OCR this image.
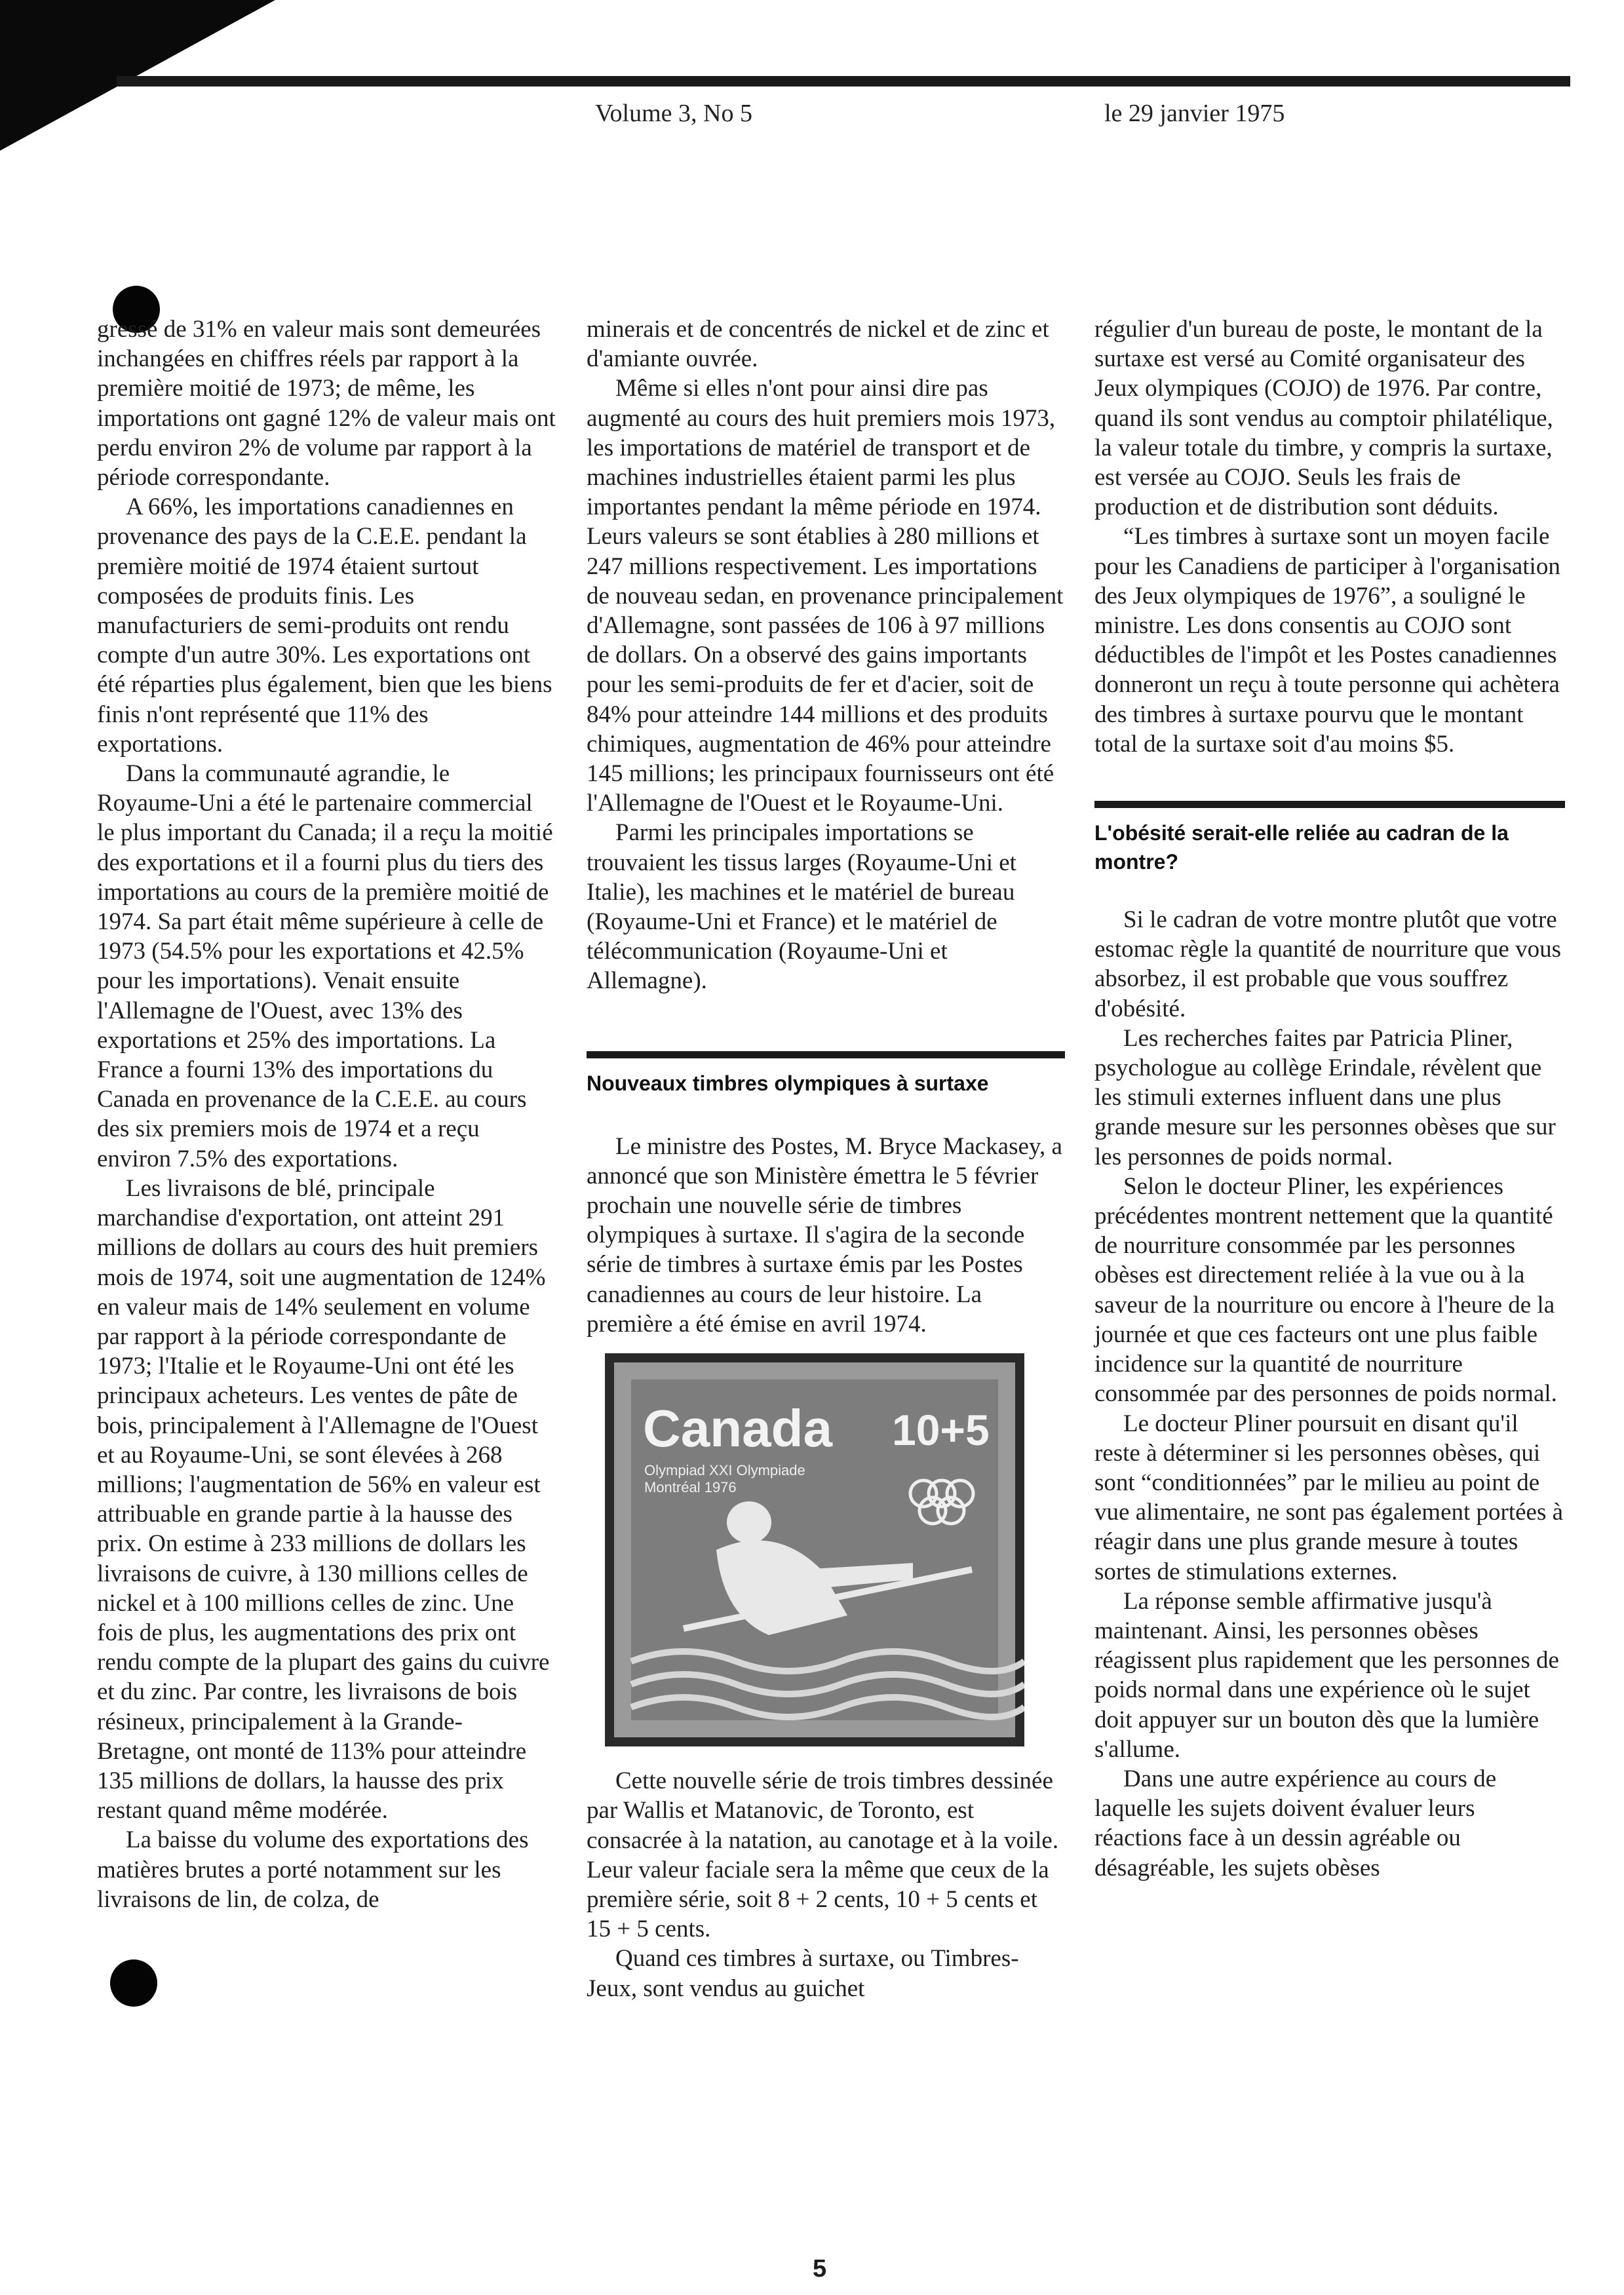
Volume 3, No 5	le 29 janvier 1975

gressé de 31% en valeur mais sont demeurées inchangées en chiffres réels par rapport à la première moitié de 1973; de même, les importations ont gagné 12% de valeur mais ont perdu environ 2% de volume par rapport à la période correspondante.

A 66%, les importations canadiennes en provenance des pays de la C.E.E. pendant la première moitié de 1974 étaient surtout composées de produits finis. Les manufacturiers de semi-produits ont rendu compte d'un autre 30%. Les exportations ont été réparties plus également, bien que les biens finis n'ont représenté que 11% des exportations.

Dans la communauté agrandie, le Royaume-Uni a été le partenaire commercial le plus important du Canada; il a reçu la moitié des exportations et il a fourni plus du tiers des importations au cours de la première moitié de 1974. Sa part était même supérieure à celle de 1973 (54.5% pour les exportations et 42.5% pour les importations). Venait ensuite l'Allemagne de l'Ouest, avec 13% des exportations et 25% des importations. La France a fourni 13% des importations du Canada en provenance de la C.E.E. au cours des six premiers mois de 1974 et a reçu environ 7.5% des exportations.

Les livraisons de blé, principale marchandise d'exportation, ont atteint 291 millions de dollars au cours des huit premiers mois de 1974, soit une augmentation de 124% en valeur mais de 14% seulement en volume par rapport à la période correspondante de 1973; l'Italie et le Royaume-Uni ont été les principaux acheteurs. Les ventes de pâte de bois, principalement à l'Allemagne de l'Ouest et au Royaume-Uni, se sont élevées à 268 millions; l'augmentation de 56% en valeur est attribuable en grande partie à la hausse des prix. On estime à 233 millions de dollars les livraisons de cuivre, à 130 millions celles de nickel et à 100 millions celles de zinc. Une fois de plus, les augmentations des prix ont rendu compte de la plupart des gains du cuivre et du zinc. Par contre, les livraisons de bois résineux, principalement à la Grande-Bretagne, ont monté de 113% pour atteindre 135 millions de dollars, la hausse des prix restant quand même modérée.

La baisse du volume des exportations des matières brutes a porté notamment sur les livraisons de lin, de colza, de

minerais et de concentrés de nickel et de zinc et d'amiante ouvrée.

Même si elles n'ont pour ainsi dire pas augmenté au cours des huit premiers mois 1973, les importations de matériel de transport et de machines industrielles étaient parmi les plus importantes pendant la même période en 1974. Leurs valeurs se sont établies à 280 millions et 247 millions respectivement. Les importations de nouveau sedan, en provenance principalement d'Allemagne, sont passées de 106 à 97 millions de dollars. On a observé des gains importants pour les semi-produits de fer et d'acier, soit de 84% pour atteindre 144 millions et des produits chimiques, augmentation de 46% pour atteindre 145 millions; les principaux fournisseurs ont été l'Allemagne de l'Ouest et le Royaume-Uni.

Parmi les principales importations se trouvaient les tissus larges (Royaume-Uni et Italie), les machines et le matériel de bureau (Royaume-Uni et France) et le matériel de télécommunication (Royaume-Uni et Allemagne).

Nouveaux timbres olympiques à surtaxe

Le ministre des Postes, M. Bryce Mackasey, a annoncé que son Ministère émettra le 5 février prochain une nouvelle série de timbres olympiques à surtaxe. Il s'agira de la seconde série de timbres à surtaxe émis par les Postes canadiennes au cours de leur histoire. La première a été émise en avril 1974.

Canada 10+5
Olympiad XXI Olympiade
Montréal 1976

Cette nouvelle série de trois timbres dessinée par Wallis et Matanovic, de Toronto, est consacrée à la natation, au canotage et à la voile. Leur valeur faciale sera la même que ceux de la première série, soit 8 + 2 cents, 10 + 5 cents et 15 + 5 cents.

Quand ces timbres à surtaxe, ou Timbres-Jeux, sont vendus au guichet

régulier d'un bureau de poste, le montant de la surtaxe est versé au Comité organisateur des Jeux olympiques (COJO) de 1976. Par contre, quand ils sont vendus au comptoir philatélique, la valeur totale du timbre, y compris la surtaxe, est versée au COJO. Seuls les frais de production et de distribution sont déduits.

“Les timbres à surtaxe sont un moyen facile pour les Canadiens de participer à l'organisation des Jeux olympiques de 1976”, a souligné le ministre. Les dons consentis au COJO sont déductibles de l'impôt et les Postes canadiennes donneront un reçu à toute personne qui achètera des timbres à surtaxe pourvu que le montant total de la surtaxe soit d'au moins $5.

L'obésité serait-elle reliée au cadran de la montre?

Si le cadran de votre montre plutôt que votre estomac règle la quantité de nourriture que vous absorbez, il est probable que vous souffrez d'obésité.

Les recherches faites par Patricia Pliner, psychologue au collège Erindale, révèlent que les stimuli externes influent dans une plus grande mesure sur les personnes obèses que sur les personnes de poids normal.

Selon le docteur Pliner, les expériences précédentes montrent nettement que la quantité de nourriture consommée par les personnes obèses est directement reliée à la vue ou à la saveur de la nourriture ou encore à l'heure de la journée et que ces facteurs ont une plus faible incidence sur la quantité de nourriture consommée par des personnes de poids normal.

Le docteur Pliner poursuit en disant qu'il reste à déterminer si les personnes obèses, qui sont “conditionnées” par le milieu au point de vue alimentaire, ne sont pas également portées à réagir dans une plus grande mesure à toutes sortes de stimulations externes.

La réponse semble affirmative jusqu'à maintenant. Ainsi, les personnes obèses réagissent plus rapidement que les personnes de poids normal dans une expérience où le sujet doit appuyer sur un bouton dès que la lumière s'allume.

Dans une autre expérience au cours de laquelle les sujets doivent évaluer leurs réactions face à un dessin agréable ou désagréable, les sujets obèses

5
